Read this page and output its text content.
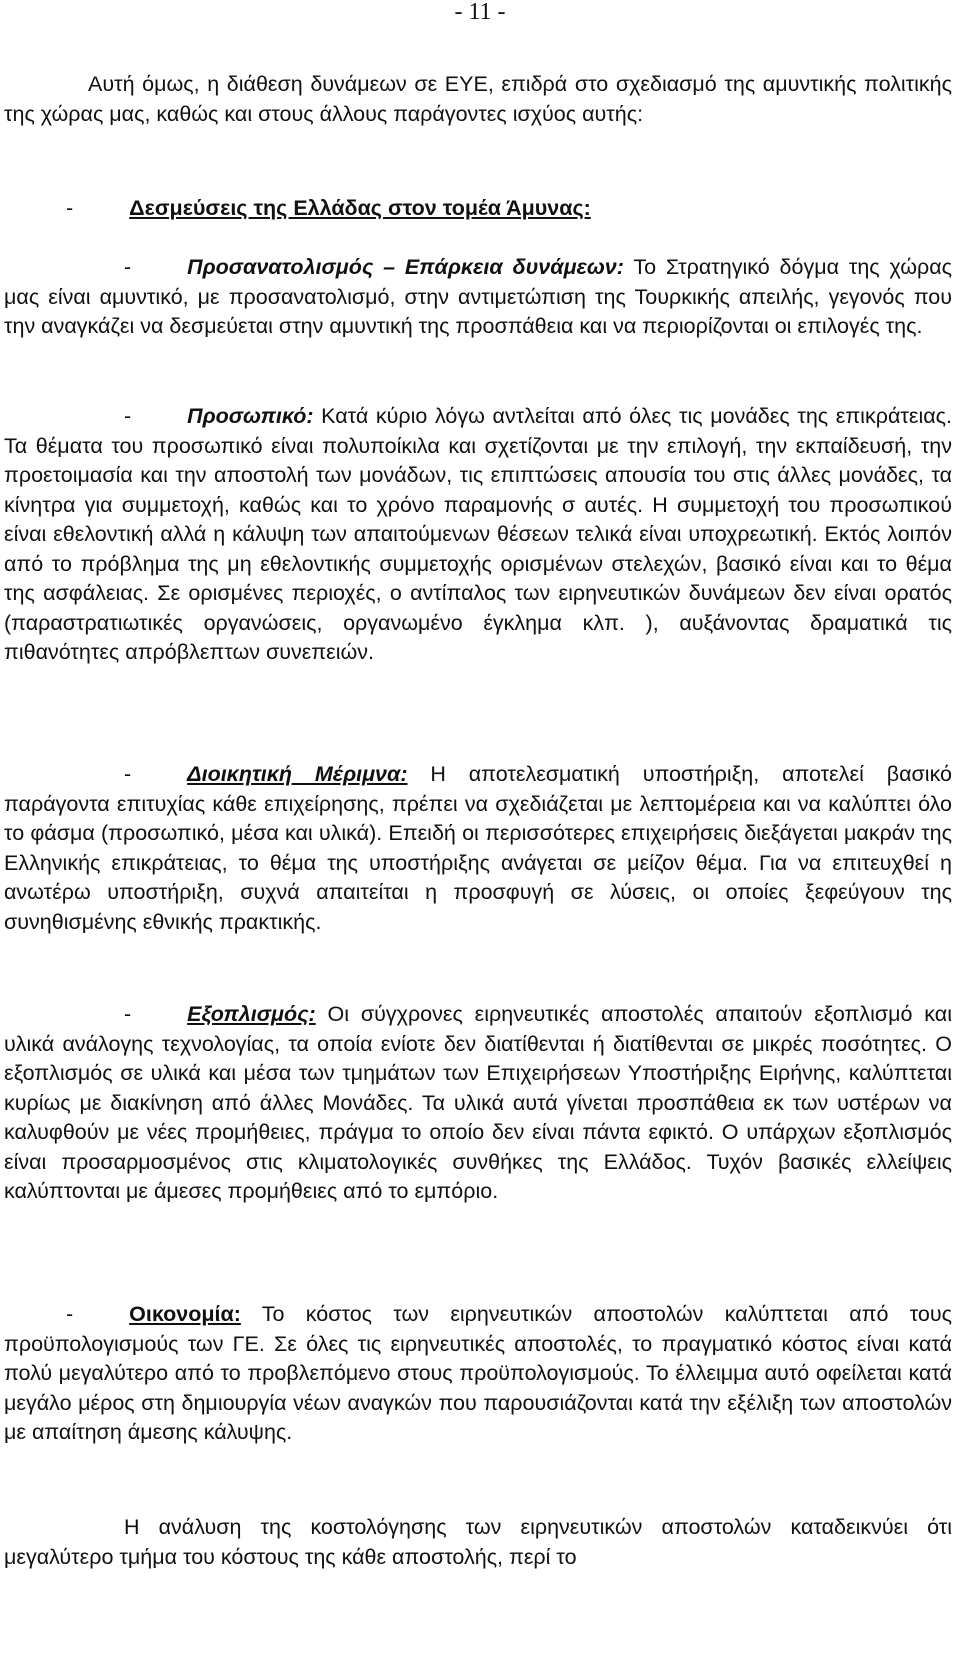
- 11 -

Αυτή όμως, η διάθεση δυνάμεων σε ΕΥΕ, επιδρά στο σχεδιασμό της αμυντικής πολιτικής της χώρας μας, καθώς και στους άλλους παράγοντες ισχύος αυτής:

-	Δεσμεύσεις της Ελλάδας στον τομέα Άμυνας:

-	Προσανατολισμός – Επάρκεια δυνάμεων: Το Στρατηγικό δόγμα της χώρας μας είναι αμυντικό, με προσανατολισμό, στην αντιμετώπιση της Τουρκικής απειλής, γεγονός που την αναγκάζει να δεσμεύεται στην αμυντική της προσπάθεια και να περιορίζονται οι επιλογές της.

-	Προσωπικό: Κατά κύριο λόγω αντλείται από όλες τις μονάδες της επικράτειας. Τα θέματα του προσωπικό είναι πολυποίκιλα και σχετίζονται με την επιλογή, την εκπαίδευσή, την προετοιμασία και την αποστολή των μονάδων, τις επιπτώσεις απουσία του στις άλλες μονάδες, τα κίνητρα για συμμετοχή, καθώς και το χρόνο παραμονής σ αυτές. Η συμμετοχή του προσωπικού είναι εθελοντική αλλά η κάλυψη των απαιτούμενων θέσεων τελικά είναι υποχρεωτική. Εκτός λοιπόν από το πρόβλημα της μη εθελοντικής συμμετοχής ορισμένων στελεχών, βασικό είναι και το θέμα της ασφάλειας. Σε ορισμένες περιοχές, ο αντίπαλος των ειρηνευτικών δυνάμεων δεν είναι ορατός (παραστρατιωτικές οργανώσεις, οργανωμένο έγκλημα κλπ. ), αυξάνοντας δραματικά τις πιθανότητες απρόβλεπτων συνεπειών.

-	Διοικητική Μέριμνα: Η αποτελεσματική υποστήριξη, αποτελεί βασικό παράγοντα επιτυχίας κάθε επιχείρησης, πρέπει να σχεδιάζεται με λεπτομέρεια και να καλύπτει όλο το φάσμα (προσωπικό, μέσα και υλικά). Επειδή οι περισσότερες επιχειρήσεις διεξάγεται μακράν της Ελληνικής επικράτειας, το θέμα της υποστήριξης ανάγεται σε μείζον θέμα. Για να επιτευχθεί η ανωτέρω υποστήριξη, συχνά απαιτείται η προσφυγή σε λύσεις, οι οποίες ξεφεύγουν της συνηθισμένης εθνικής πρακτικής.

-	Εξοπλισμός: Οι σύγχρονες ειρηνευτικές αποστολές απαιτούν εξοπλισμό και υλικά ανάλογης τεχνολογίας, τα οποία ενίοτε δεν διατίθενται ή διατίθενται σε μικρές ποσότητες. Ο εξοπλισμός σε υλικά και μέσα των τμημάτων των Επιχειρήσεων Υποστήριξης Ειρήνης, καλύπτεται κυρίως με διακίνηση από άλλες Μονάδες. Τα υλικά αυτά γίνεται προσπάθεια εκ των υστέρων να καλυφθούν με νέες προμήθειες, πράγμα το οποίο δεν είναι πάντα εφικτό. Ο υπάρχων εξοπλισμός είναι προσαρμοσμένος στις κλιματολογικές συνθήκες της Ελλάδος. Τυχόν βασικές ελλείψεις καλύπτονται με άμεσες προμήθειες από το εμπόριο.

-	Οικονομία: Το κόστος των ειρηνευτικών αποστολών καλύπτεται από τους προϋπολογισμούς των ΓΕ. Σε όλες τις ειρηνευτικές αποστολές, το πραγματικό κόστος είναι κατά πολύ μεγαλύτερο από το προβλεπόμενο στους προϋπολογισμούς. Το έλλειμμα αυτό οφείλεται κατά μεγάλο μέρος στη δημιουργία νέων αναγκών που παρουσιάζονται κατά την εξέλιξη των αποστολών με απαίτηση άμεσης κάλυψης.

Η ανάλυση της κοστολόγησης των ειρηνευτικών αποστολών καταδεικνύει ότι μεγαλύτερο τμήμα του κόστους της κάθε αποστολής, περί το
